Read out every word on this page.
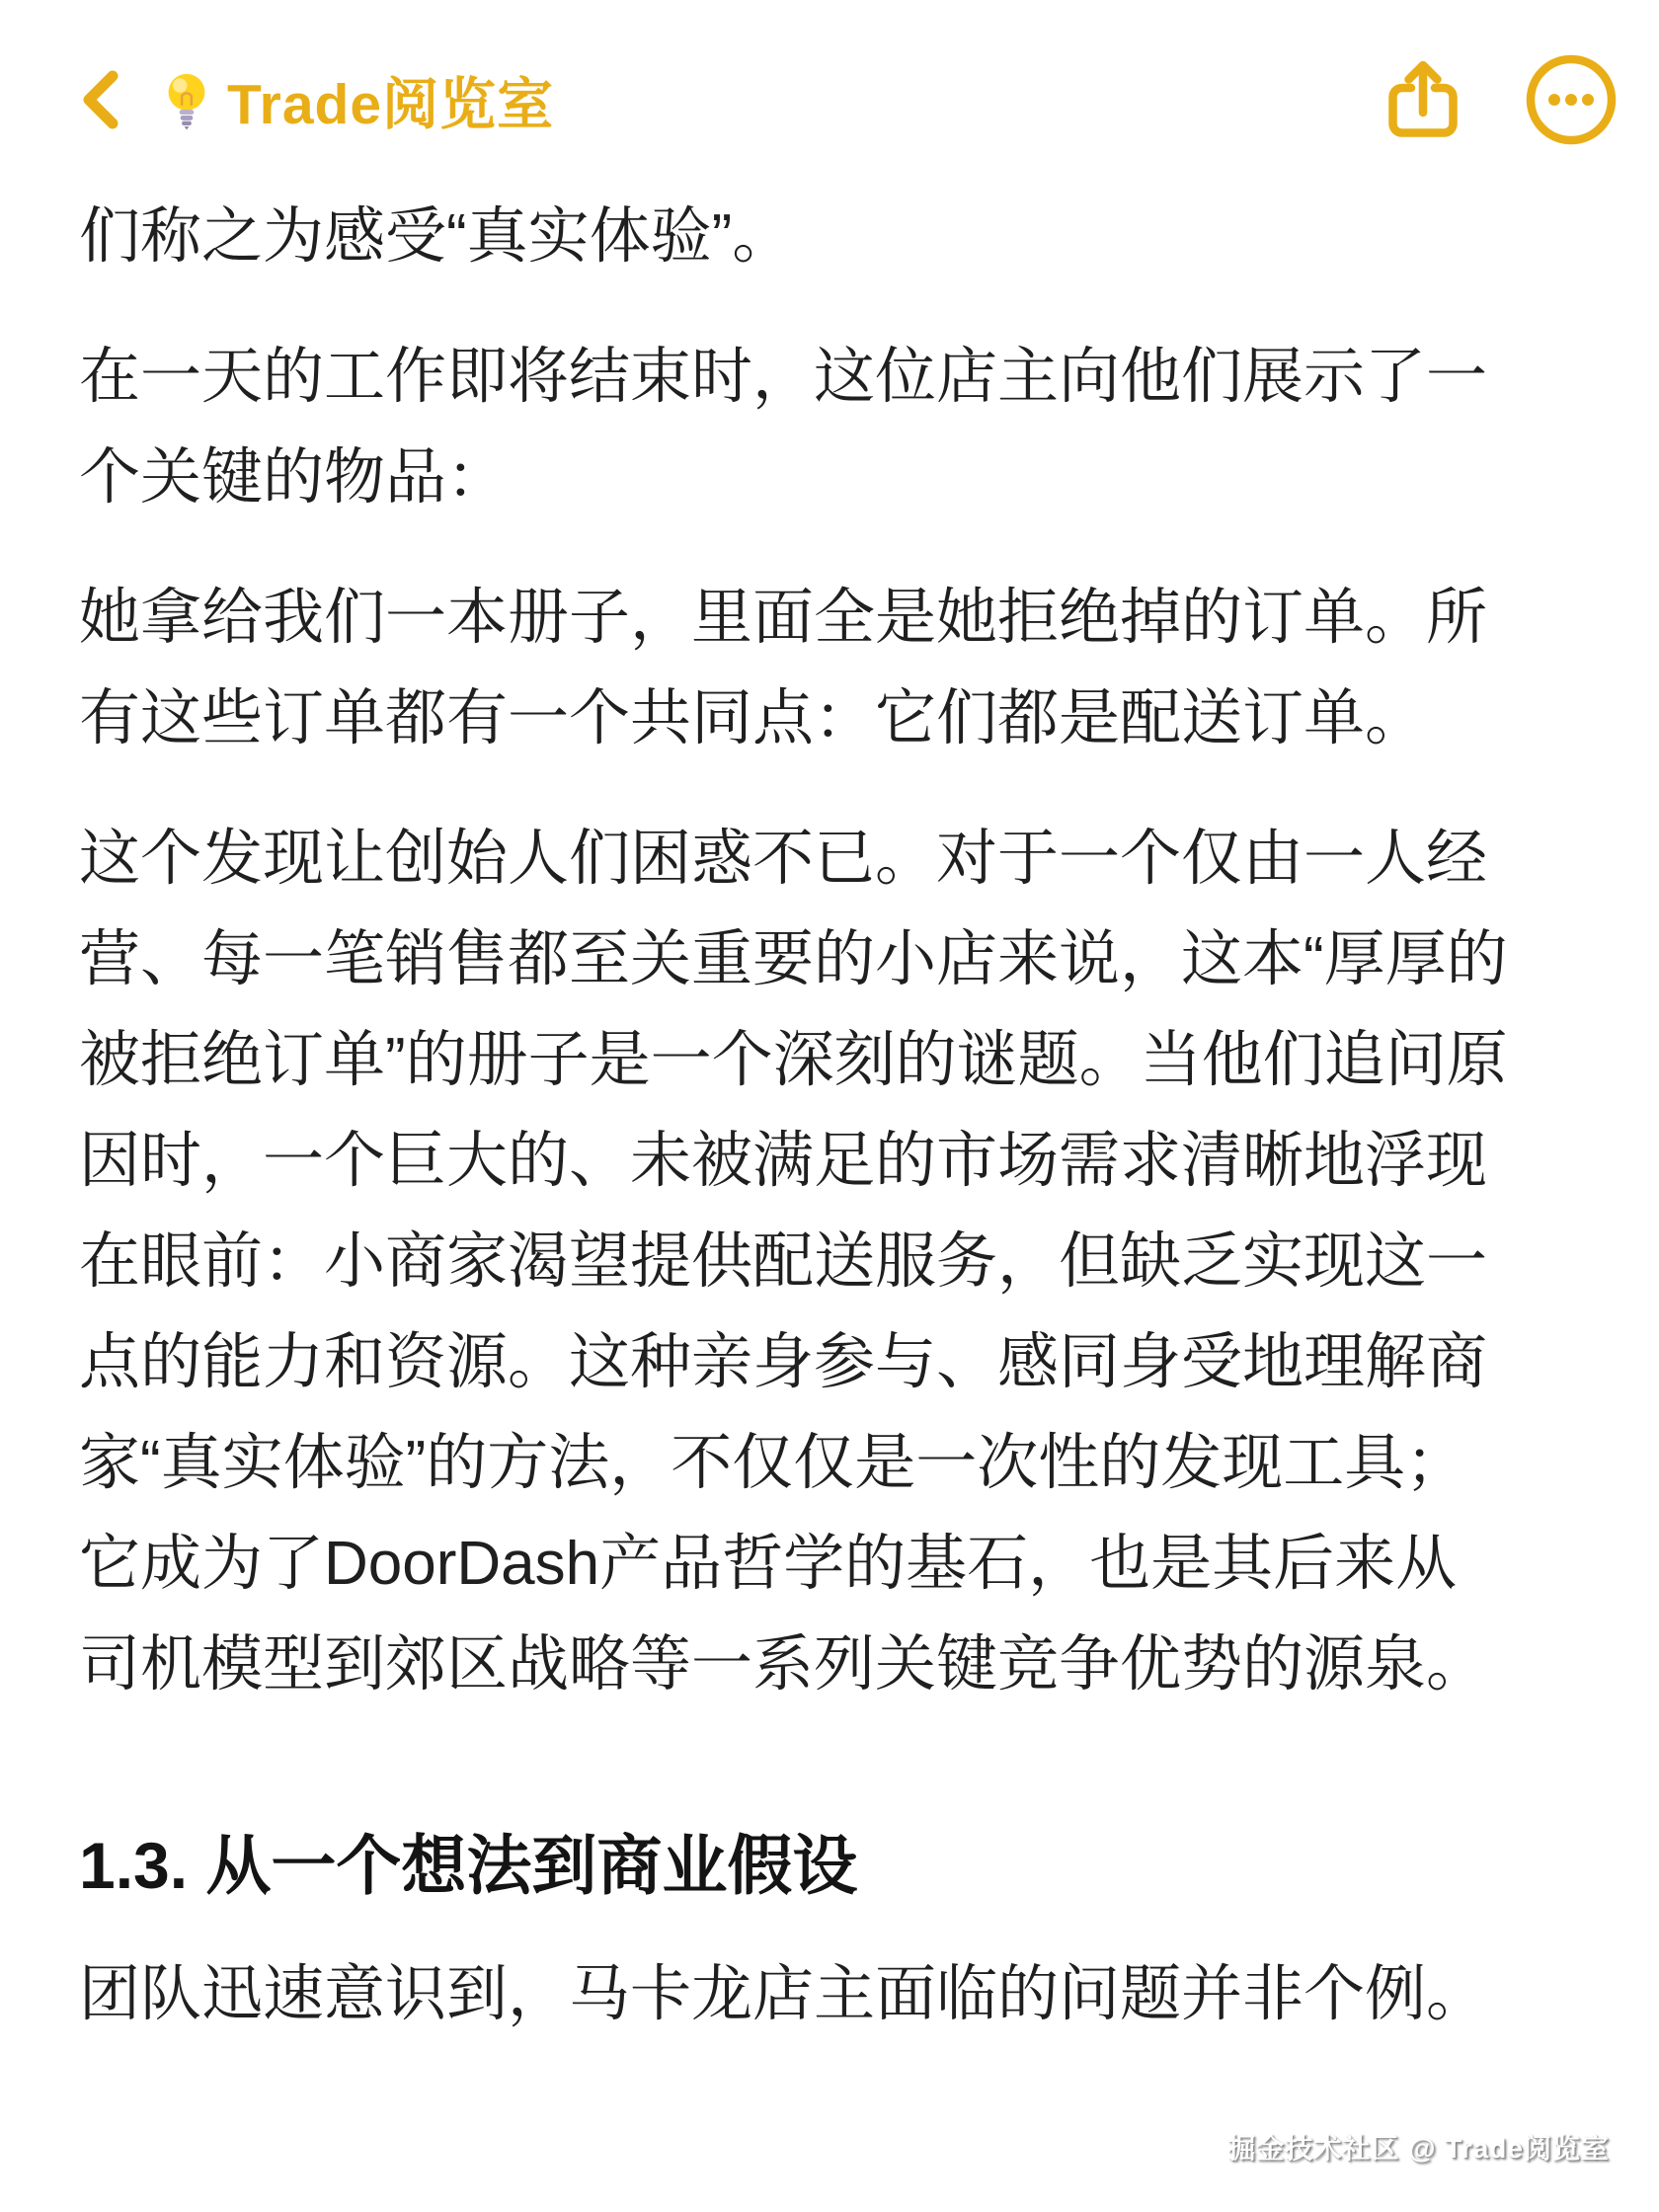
Trade阅览室

们称之为感受“真实体验”。

在一天的工作即将结束时，这位店主向他们展示了一
个关键的物品：

她拿给我们一本册子，里面全是她拒绝掉的订单。所
有这些订单都有一个共同点：它们都是配送订单。

这个发现让创始人们困惑不已。对于一个仅由一人经
营、每一笔销售都至关重要的小店来说，这本“厚厚的
被拒绝订单”的册子是一个深刻的谜题。当他们追问原
因时，一个巨大的、未被满足的市场需求清晰地浮现
在眼前：小商家渴望提供配送服务，但缺乏实现这一
点的能力和资源。这种亲身参与、感同身受地理解商
家“真实体验”的方法，不仅仅是一次性的发现工具；
它成为了DoorDash产品哲学的基石，也是其后来从
司机模型到郊区战略等一系列关键竞争优势的源泉。

1.3. 从一个想法到商业假设

团队迅速意识到，马卡龙店主面临的问题并非个例。

掘金技术社区 @ Trade阅览室
